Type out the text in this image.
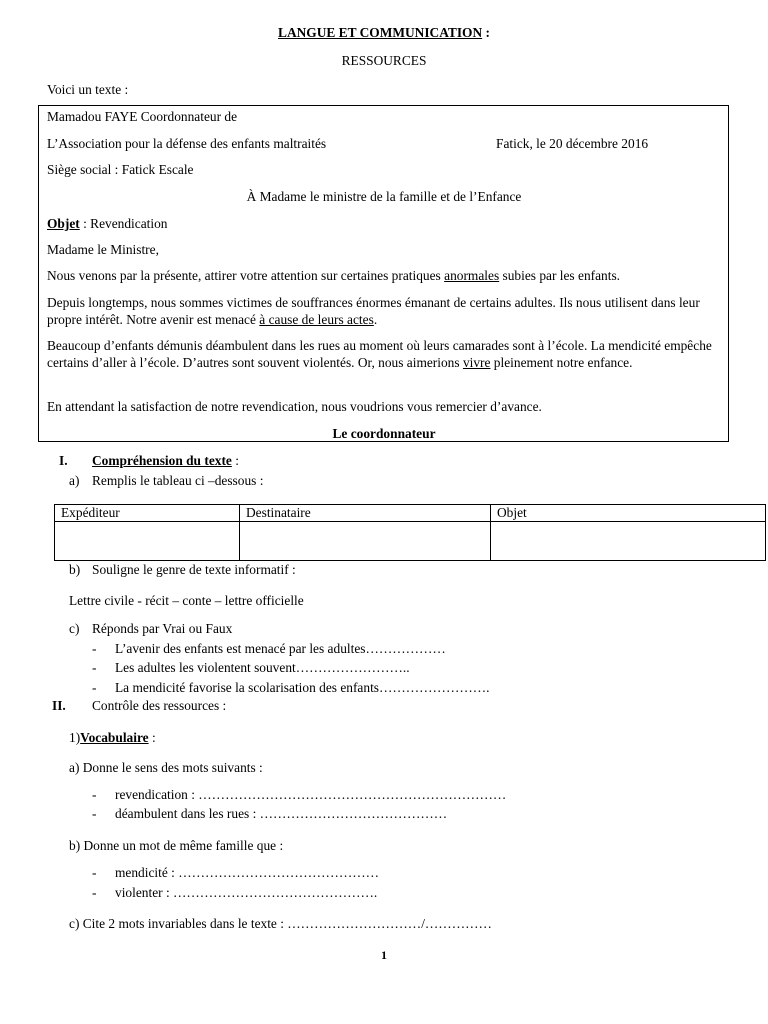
LANGUE ET COMMUNICATION :
RESSOURCES
Voici un texte :
Mamadou FAYE Coordonnateur de
L’Association pour la défense des enfants maltraités	Fatick, le 20 décembre 2016
Siège social : Fatick Escale
À Madame le ministre de la famille et de l’Enfance
Objet : Revendication
Madame le Ministre,
Nous venons par la présente, attirer votre attention sur certaines pratiques anormales subies par les enfants.
Depuis longtemps, nous sommes victimes de souffrances énormes émanant de certains adultes. Ils nous utilisent dans leur propre intérêt. Notre avenir est menacé à cause de leurs actes.
Beaucoup d’enfants démunis déambulent dans les rues au moment où leurs camarades sont à l’école. La mendicité empêche certains d’aller à l’école. D’autres sont souvent violentés. Or, nous aimerions vivre pleinement notre enfance.
En attendant la satisfaction de notre revendication, nous voudrions vous remercier d’avance.
Le coordonnateur
I. Compréhension du texte :
a) Remplis le tableau ci –dessous :
Expéditeur	Destinataire	Objet

b) Souligne le genre de texte informatif :
Lettre civile - récit – conte – lettre officielle
c) Réponds par Vrai ou Faux
- L’avenir des enfants est menacé par les adultes………………
- Les adultes les violentent souvent……………………..
- La mendicité favorise la scolarisation des enfants…………………….
II. Contrôle des ressources :
1)Vocabulaire :
a) Donne le sens des mots suivants :
- revendication : ……………………………………………………………
- déambulent dans les rues : ……………………………………
b) Donne un mot de même famille que :
- mendicité : ………………………………………
- violenter : ……………………………………….
c) Cite 2 mots invariables dans le texte : …………………………/……………
1
